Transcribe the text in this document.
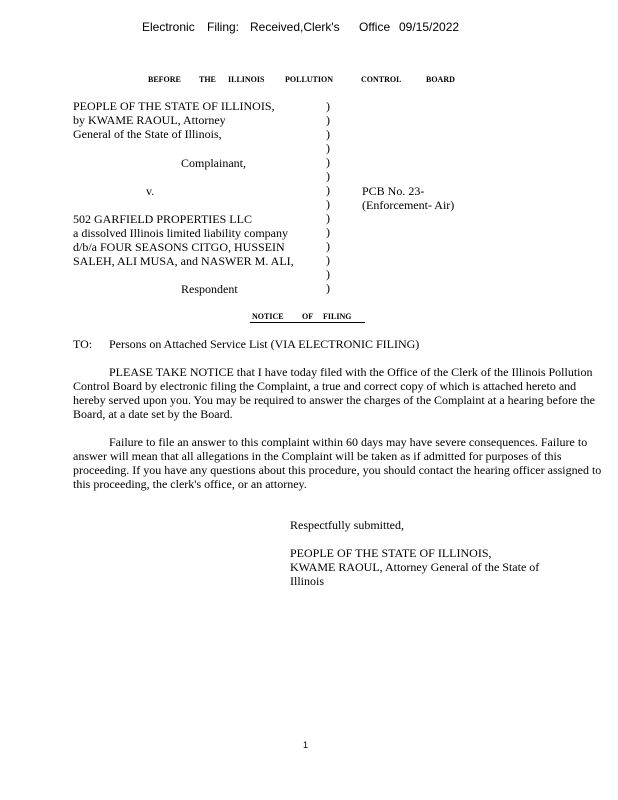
Electronic Filing: Received,Clerk's Office 09/15/2022
BEFORE THE ILLINOIS	POLLUTION	CONTROL	BOARD
PEOPLE OF THE STATE OF ILLINOIS,
by KWAME RAOUL, Attorney
General of the State of Illinois,
Complainant,
v.
502 GARFIELD PROPERTIES LLC
a dissolved Illinois limited liability company
d/b/a FOUR SEASONS CITGO, HUSSEIN
SALEH, ALI MUSA, and NASWER M. ALI,
Respondent
)
)
)
)
)
)
)
)
)
)
)
)
)
)
PCB No. 23-
(Enforcement- Air)
NOTICE OF FILING
TO: Persons on Attached Service List (VIA ELECTRONIC FILING)
PLEASE TAKE NOTICE that I have today filed with the Office of the Clerk of the Illinois Pollution Control Board by electronic filing the Complaint, a true and correct copy of which is attached hereto and hereby served upon you. You may be required to answer the charges of the Complaint at a hearing before the Board, at a date set by the Board.
Failure to file an answer to this complaint within 60 days may have severe consequences. Failure to answer will mean that all allegations in the Complaint will be taken as if admitted for purposes of this proceeding. If you have any questions about this procedure, you should contact the hearing officer assigned to this proceeding, the clerk's office, or an attorney.
Respectfully submitted,
PEOPLE OF THE STATE OF ILLINOIS,
KWAME RAOUL, Attorney General of the State of
Illinois
1
